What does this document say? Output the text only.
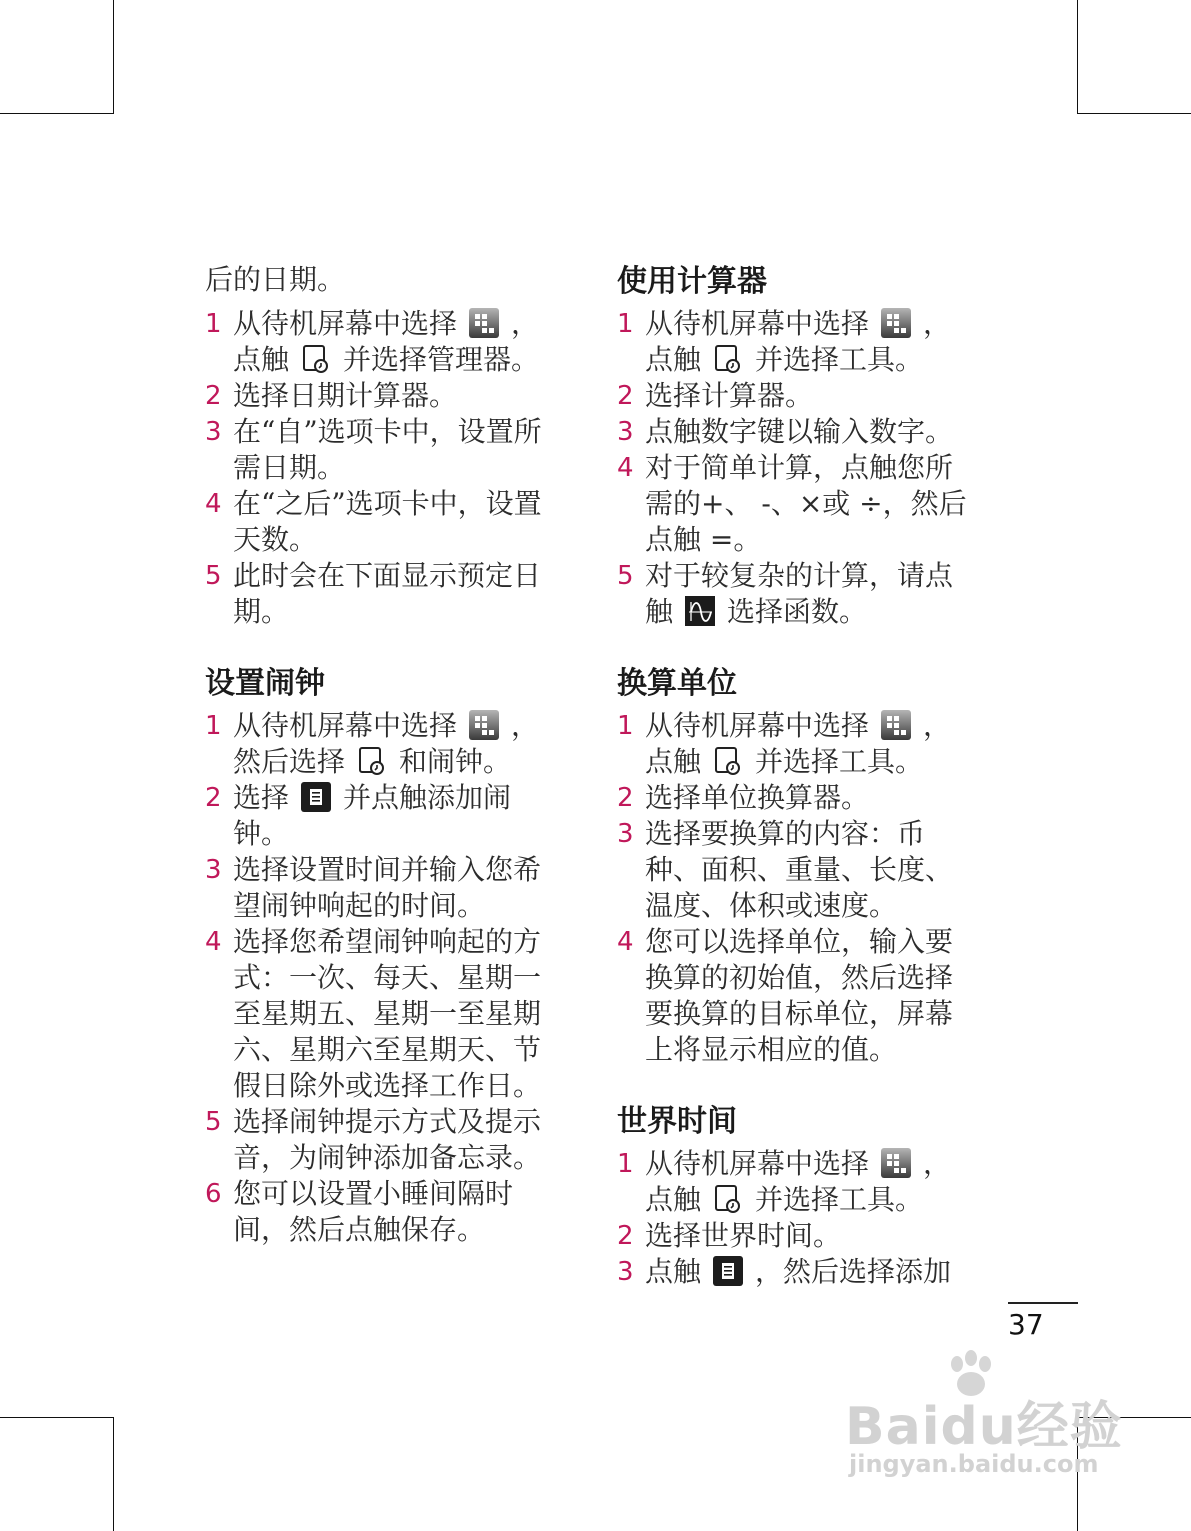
后的日期。

1 从待机屏幕中选择 ，点触 并选择管理器。
2 选择日期计算器。
3 在“自”选项卡中，设置所需日期。
4 在“之后”选项卡中，设置天数。
5 此时会在下面显示预定日期。
设置闹钟
1 从待机屏幕中选择 ，然后选择 和闹钟。
2 选择 并点触添加闹钟。
3 选择设置时间并输入您希望闹钟响起的时间。
4 选择您希望闹钟响起的方式：一次、每天、星期一至星期五、星期一至星期六、星期六至星期天、节假日除外或选择工作日。
5 选择闹钟提示方式及提示音，为闹钟添加备忘录。
6 您可以设置小睡间隔时间，然后点触保存。
使用计算器
1 从待机屏幕中选择 ，点触 并选择工具。
2 选择计算器。
3 点触数字键以输入数字。
4 对于简单计算，点触您所需的+、 -、×或 ÷，然后点触 =。
5 对于较复杂的计算，请点触 选择函数。
换算单位
1 从待机屏幕中选择 ，点触 并选择工具。
2 选择单位换算器。
3 选择要换算的内容：币种、面积、重量、长度、温度、体积或速度。
4 您可以选择单位，输入要换算的初始值，然后选择要换算的目标单位，屏幕上将显示相应的值。
世界时间
1 从待机屏幕中选择 ，点触 并选择工具。
2 选择世界时间。
3 点触 ，然后选择添加
37
Baidu经验
jingyan.baidu.com
